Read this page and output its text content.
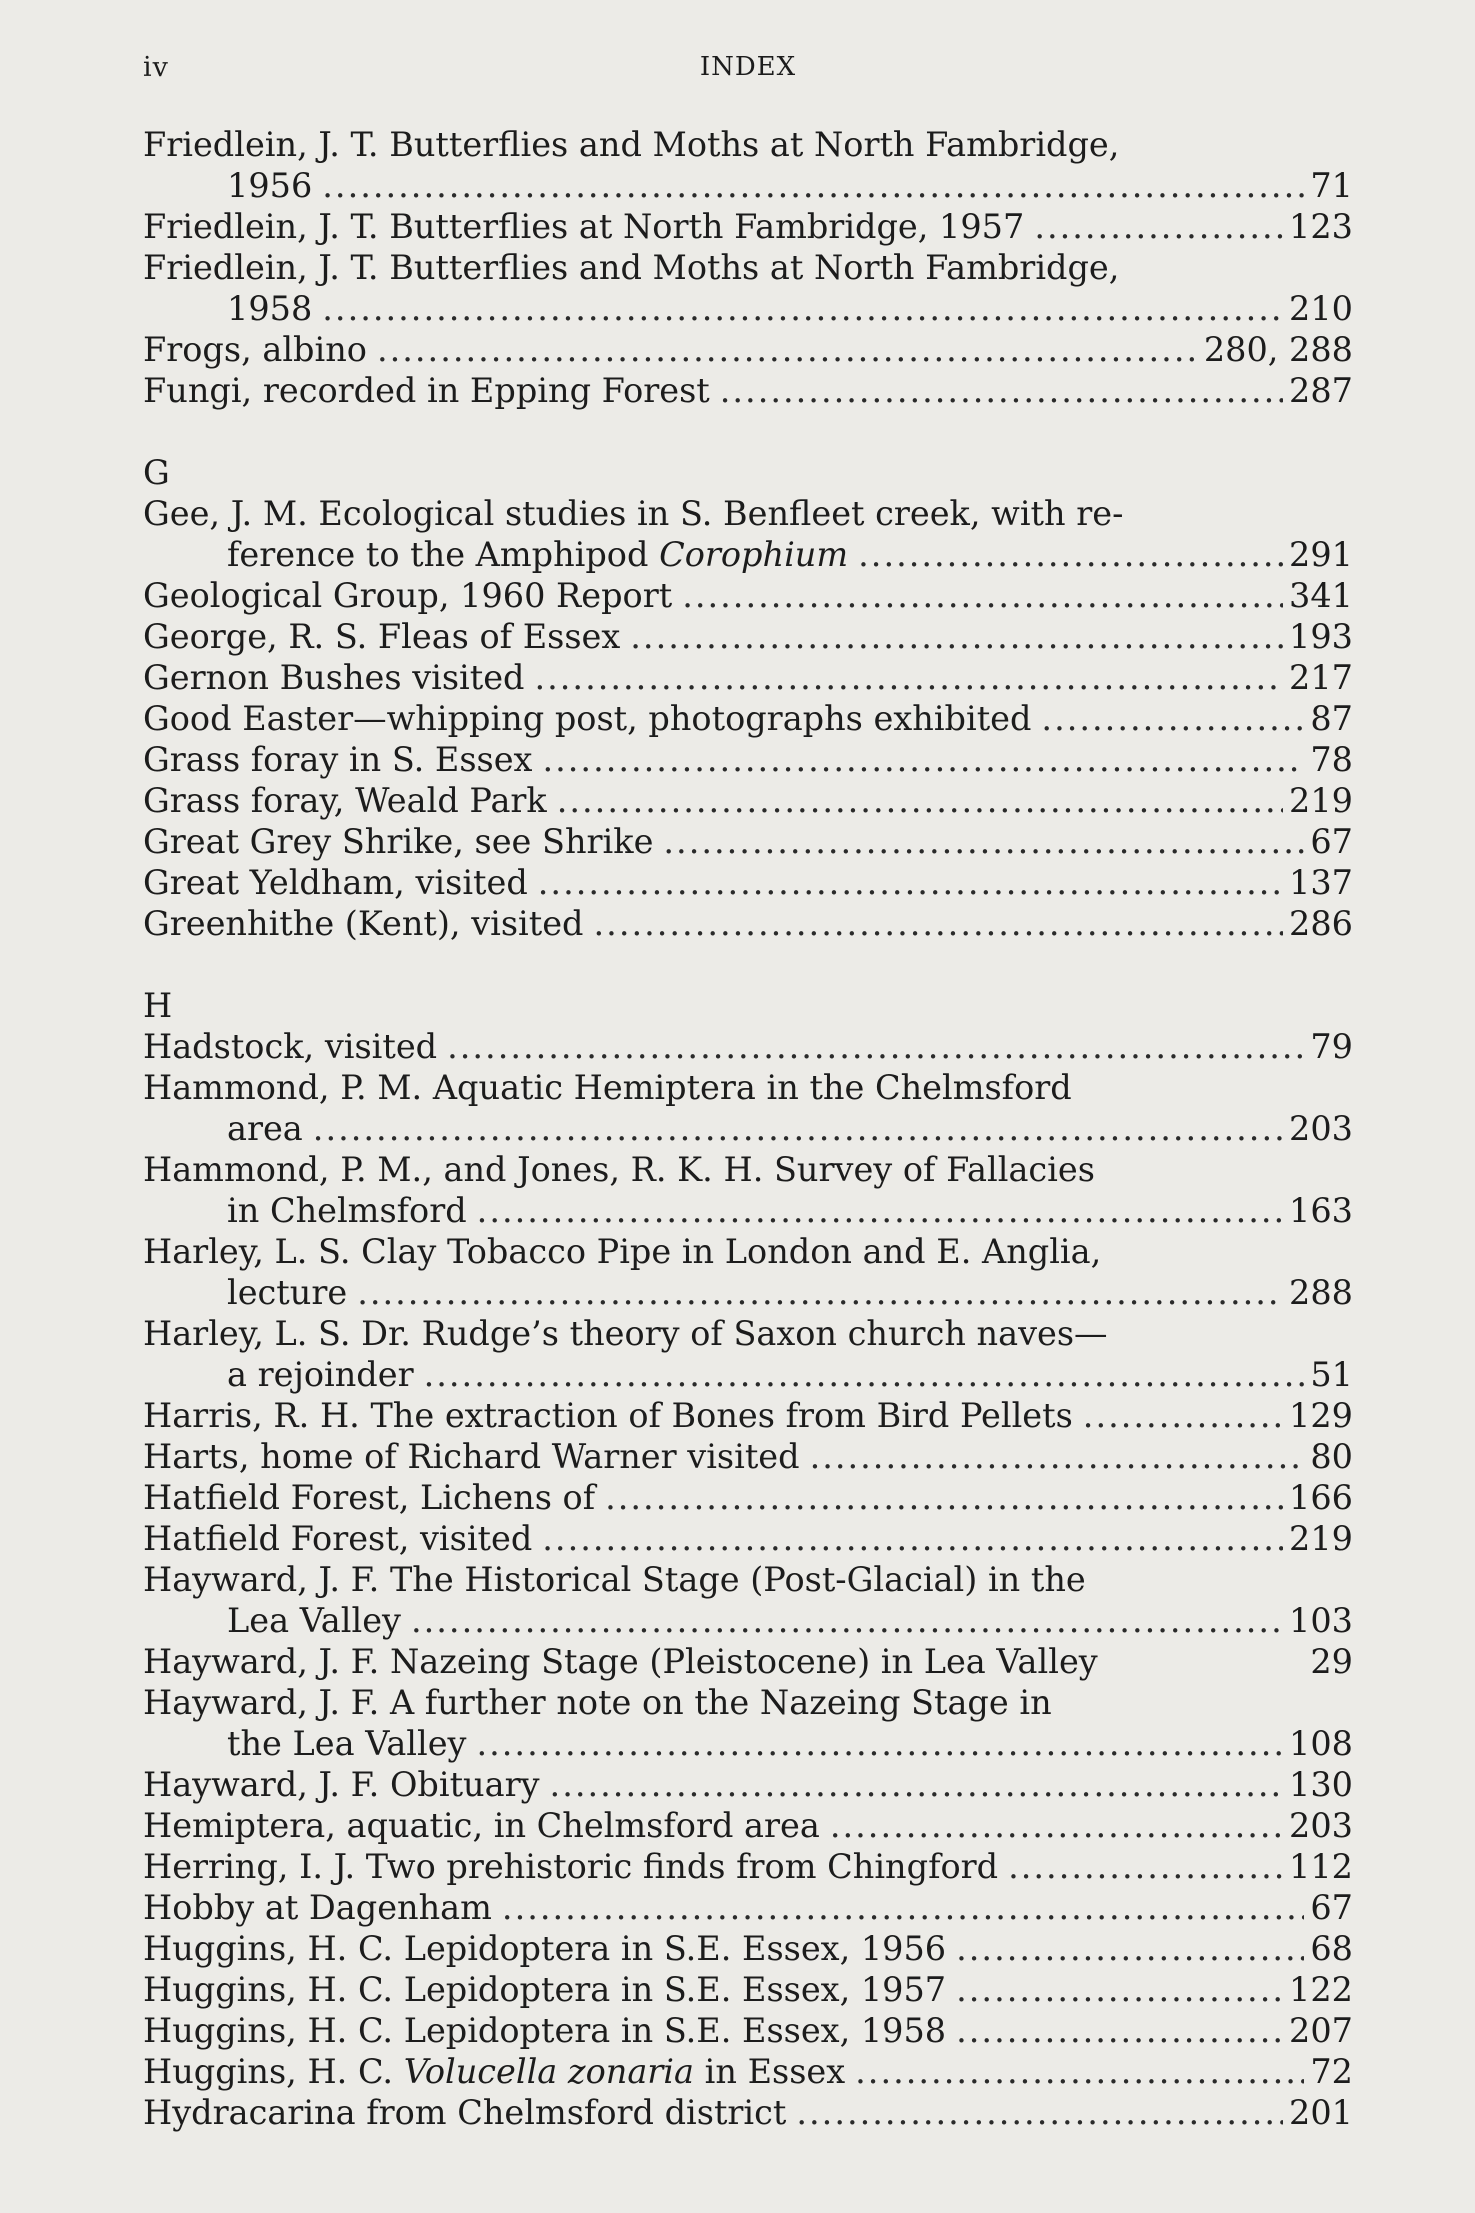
iv	INDEX
Friedlein, J. T. Butterflies and Moths at North Fambridge,
1956 .....	71
Friedlein, J. T. Butterflies at North Fambridge, 1957 .....	123
Friedlein, J. T. Butterflies and Moths at North Fambridge,
1958 .....	210
Frogs, albino .....	280, 288
Fungi, recorded in Epping Forest .....	287
G
Gee, J. M. Ecological studies in S. Benfleet creek, with re-
ference to the Amphipod Corophium .....	291
Geological Group, 1960 Report .....	341
George, R. S. Fleas of Essex .....	193
Gernon Bushes visited .....	217
Good Easter—whipping post, photographs exhibited .....	87
Grass foray in S. Essex .....	78
Grass foray, Weald Park .....	219
Great Grey Shrike, see Shrike .....	67
Great Yeldham, visited .....	137
Greenhithe (Kent), visited .....	286
H
Hadstock, visited .....	79
Hammond, P. M. Aquatic Hemiptera in the Chelmsford
area .....	203
Hammond, P. M., and Jones, R. K. H. Survey of Fallacies
in Chelmsford .....	163
Harley, L. S. Clay Tobacco Pipe in London and E. Anglia,
lecture .....	288
Harley, L. S. Dr. Rudge’s theory of Saxon church naves—
a rejoinder .....	51
Harris, R. H. The extraction of Bones from Bird Pellets .....	129
Harts, home of Richard Warner visited .....	80
Hatfield Forest, Lichens of .....	166
Hatfield Forest, visited .....	219
Hayward, J. F. The Historical Stage (Post-Glacial) in the
Lea Valley .....	103
Hayward, J. F. Nazeing Stage (Pleistocene) in Lea Valley	29
Hayward, J. F. A further note on the Nazeing Stage in
the Lea Valley .....	108
Hayward, J. F. Obituary .....	130
Hemiptera, aquatic, in Chelmsford area .....	203
Herring, I. J. Two prehistoric finds from Chingford .....	112
Hobby at Dagenham .....	67
Huggins, H. C. Lepidoptera in S.E. Essex, 1956 .....	68
Huggins, H. C. Lepidoptera in S.E. Essex, 1957 .....	122
Huggins, H. C. Lepidoptera in S.E. Essex, 1958 .....	207
Huggins, H. C. Volucella zonaria in Essex .....	72
Hydracarina from Chelmsford district .....	201
